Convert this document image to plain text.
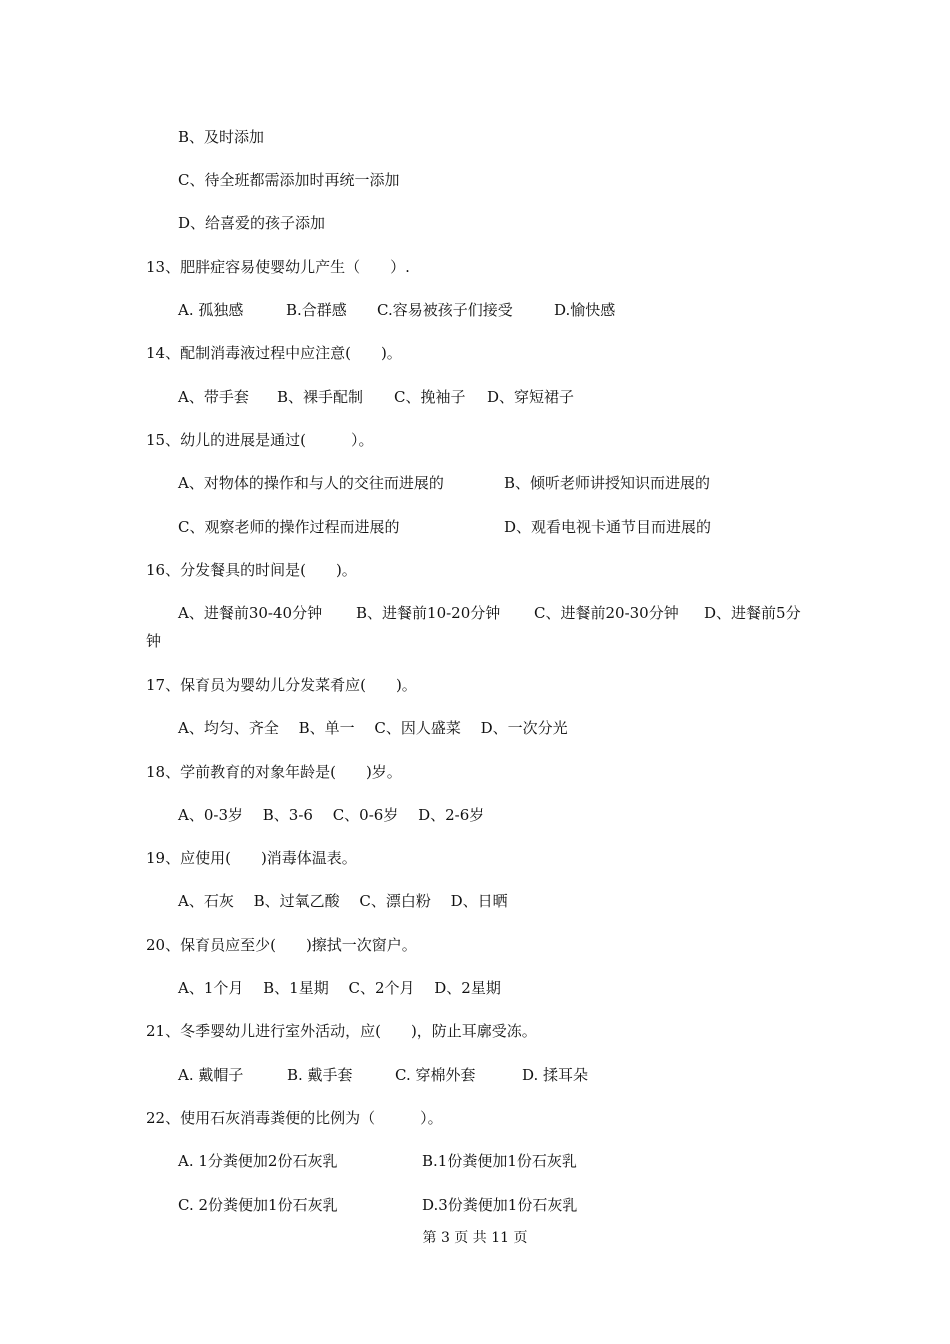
B、及时添加
C、待全班都需添加时再统一添加
D、给喜爱的孩子添加
13、肥胖症容易使婴幼儿产生（　　）.
A. 孤独感	B.合群感 C.容易被孩子们接受	D.愉快感
14、配制消毒液过程中应注意(　　)。
A、带手套 B、裸手配制 C、挽袖子 D、穿短裙子
15、幼儿的进展是通过(　　　）。
A、对物体的操作和与人的交往而进展的	B、倾听老师讲授知识而进展的
C、观察老师的操作过程而进展的	D、观看电视卡通节目而进展的
16、分发餐具的时间是(　　)。
A、进餐前30-40分钟 B、进餐前10-20分钟 C、进餐前20-30分钟 D、进餐前5分
钟
17、保育员为婴幼儿分发菜肴应(　　)。
A、均匀、齐全　 B、单一　 C、因人盛菜　 D、一次分光
18、学前教育的对象年龄是(　　)岁。
A、0-3岁　 B、3-6　 C、0-6岁　 D、2-6岁
19、应使用(　　)消毒体温表。
A、石灰　 B、过氧乙酸　 C、漂白粉　 D、日晒
20、保育员应至少(　　)擦拭一次窗户。
A、1个月　 B、1星期　 C、2个月　 D、2星期
21、冬季婴幼儿进行室外活动，应(　　)，防止耳廓受冻。
A. 戴帽子	B. 戴手套	C. 穿棉外套	D. 揉耳朵
22、使用石灰消毒粪便的比例为（　　　）。
A. 1分粪便加2份石灰乳	B.1份粪便加1份石灰乳
C. 2份粪便加1份石灰乳	D.3份粪便加1份石灰乳
第 3 页 共 11 页
